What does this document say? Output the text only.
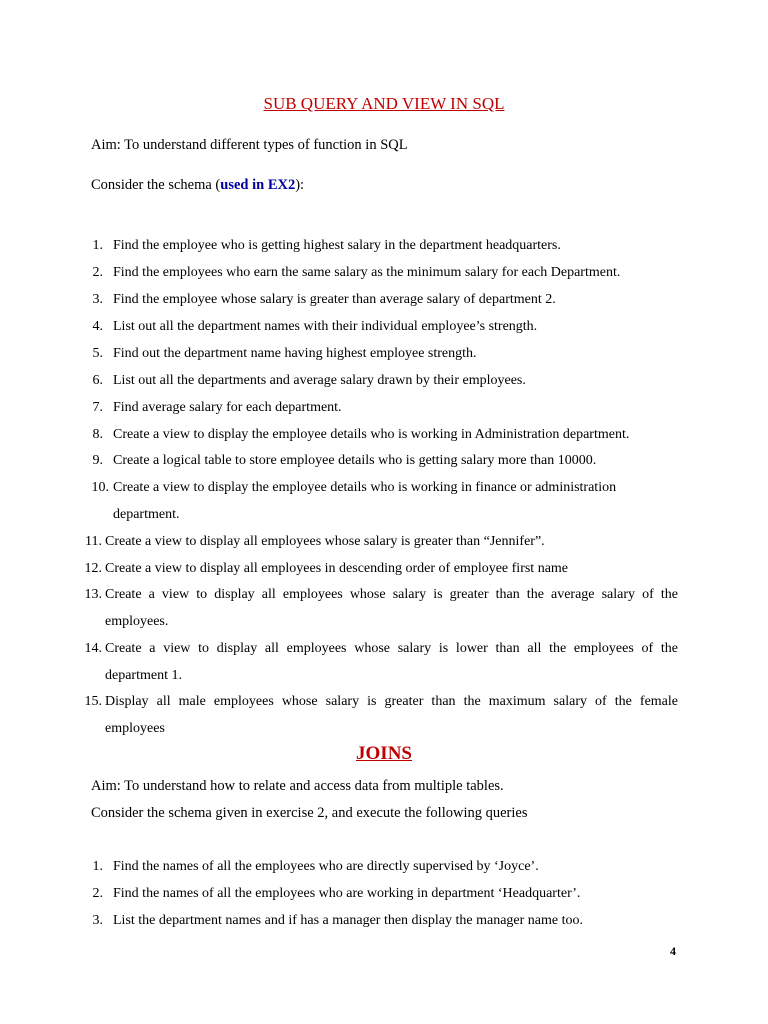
SUB QUERY AND VIEW IN SQL
Aim: To understand different types of function in SQL
Consider the schema (used in EX2):
1. Find the employee who is getting highest salary in the department headquarters.
2. Find the employees who earn the same salary as the minimum salary for each Department.
3. Find the employee whose salary is greater than average salary of department 2.
4. List out all the department names with their individual employee’s strength.
5. Find out the department name having highest employee strength.
6. List out all the departments and average salary drawn by their employees.
7. Find average salary for each department.
8. Create a view to display the employee details who is working in Administration department.
9. Create a logical table to store employee details who is getting salary more than 10000.
10. Create a view to display the employee details who is working in finance or administration
department.
11. Create a view to display all employees whose salary is greater than “Jennifer”.
12. Create a view to display all employees in descending order of employee first name
13. Create a view to display all employees whose salary is greater than the average salary of the
employees.
14. Create a view to display all employees whose salary is lower than all the employees of the
department 1.
15. Display all male employees whose salary is greater than the maximum salary of the female
employees
JOINS
Aim: To understand how to relate and access data from multiple tables.
Consider the schema given in exercise 2, and execute the following queries
1. Find the names of all the employees who are directly supervised by ‘Joyce’.
2. Find the names of all the employees who are working in department ‘Headquarter’.
3. List the department names and if has a manager then display the manager name too.
4
